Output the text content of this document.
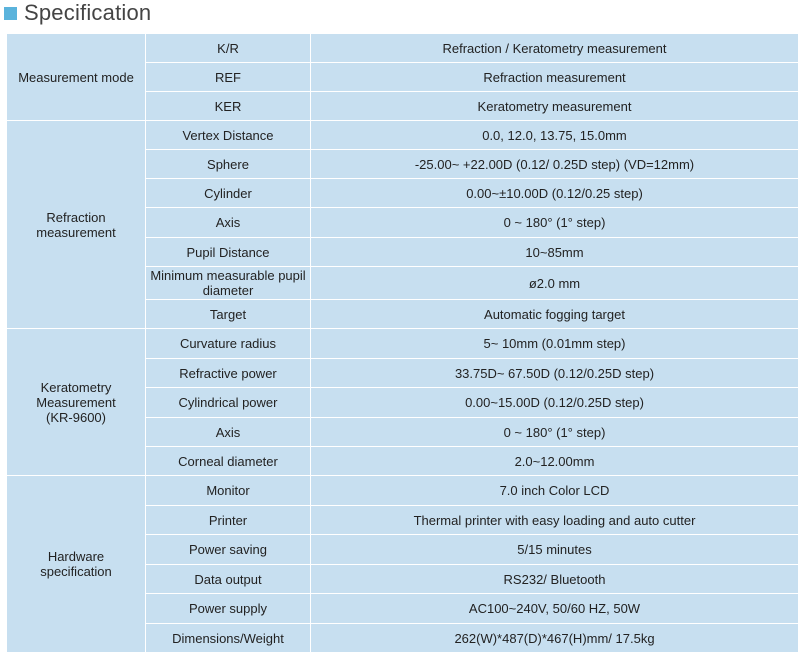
Specification
Measurement mode	K/R	Refraction / Keratometry measurement
	REF	Refraction measurement
	KER	Keratometry measurement
Refraction
measurement	Vertex Distance	0.0, 12.0, 13.75, 15.0mm
	Sphere	-25.00~ +22.00D (0.12/ 0.25D step) (VD=12mm)
	Cylinder	0.00~±10.00D (0.12/0.25 step)
	Axis	0 ~ 180° (1° step)
	Pupil Distance	10~85mm
	Minimum measurable pupil diameter	ø2.0 mm
	Target	Automatic fogging target
Keratometry
Measurement
(KR-9600)	Curvature radius	5~ 10mm (0.01mm step)
	Refractive power	33.75D~ 67.50D (0.12/0.25D step)
	Cylindrical power	0.00~15.00D (0.12/0.25D step)
	Axis	0 ~ 180° (1° step)
	Corneal diameter	2.0~12.00mm
Hardware specification	Monitor	7.0 inch Color LCD
	Printer	Thermal printer with easy loading and auto cutter
	Power saving	5/15 minutes
	Data output	RS232/ Bluetooth
	Power supply	AC100~240V, 50/60 HZ, 50W
	Dimensions/Weight	262(W)*487(D)*467(H)mm/ 17.5kg
